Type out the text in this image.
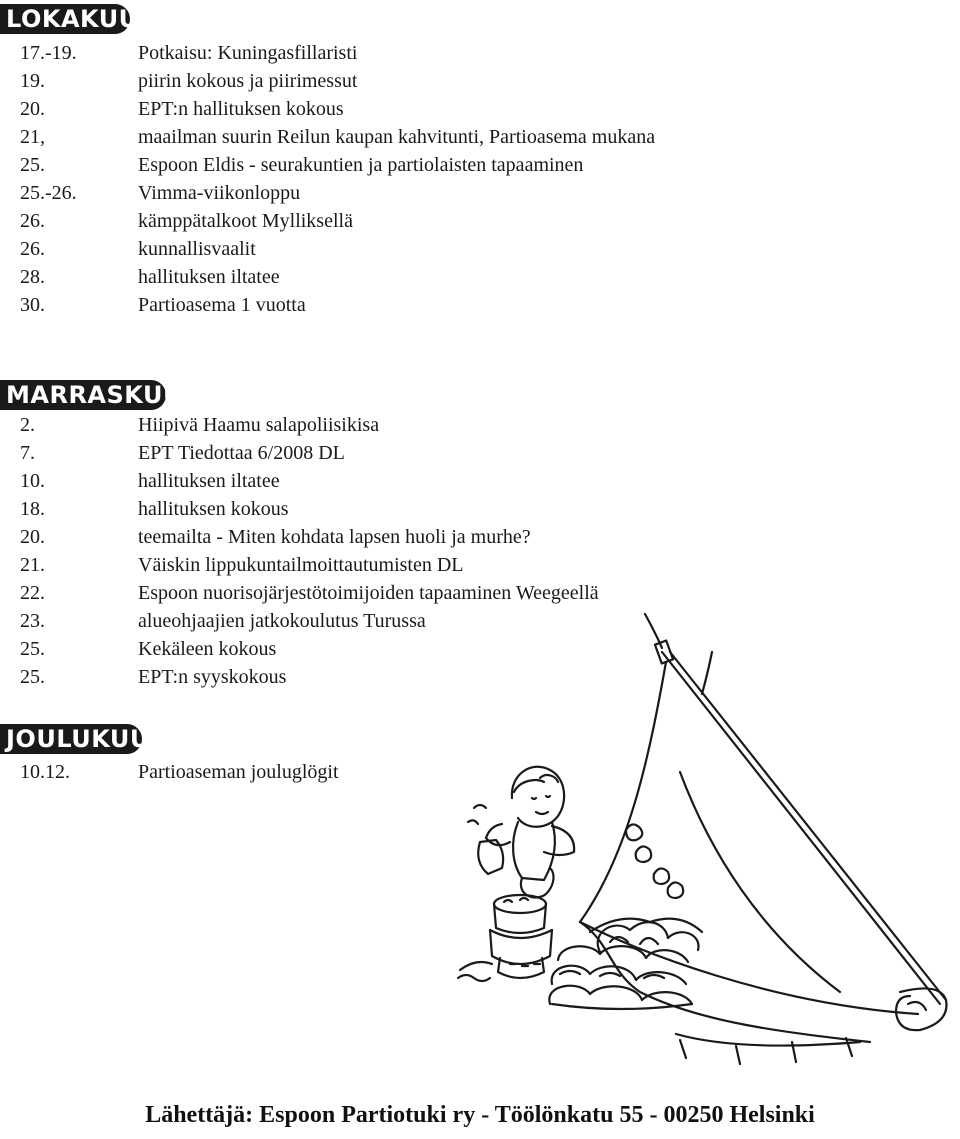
LOKAKUU
17.-19.	Potkaisu: Kuningasfillaristi
19.	piirin kokous ja piirimessut
20.	EPT:n hallituksen kokous
21,	maailman suurin Reilun kaupan kahvitunti, Partioasema mukana
25.	Espoon Eldis - seurakuntien ja partiolaisten tapaaminen
25.-26.	Vimma-viikonloppu
26.	kämppätalkoot Mylliksellä
26.	kunnallisvaalit
28.	hallituksen iltatee
30.	Partioasema 1 vuotta
MARRASKUU
2.	Hiipivä Haamu salapoliisikisa
7.	EPT Tiedottaa 6/2008 DL
10.	hallituksen iltatee
18.	hallituksen kokous
20.	teemailta - Miten kohdata lapsen huoli ja murhe?
21.	Väiskin lippukuntailmoittautumisten DL
22.	Espoon nuorisojärjestötoimijoiden tapaaminen Weegeellä
23.	alueohjaajien jatkokoulutus Turussa
25.	Kekäleen kokous
25.	EPT:n syyskokous
JOULUKUU
10.12.	Partioaseman jouluglögit
Lähettäjä: Espoon Partiotuki ry - Töölönkatu 55 - 00250 Helsinki
